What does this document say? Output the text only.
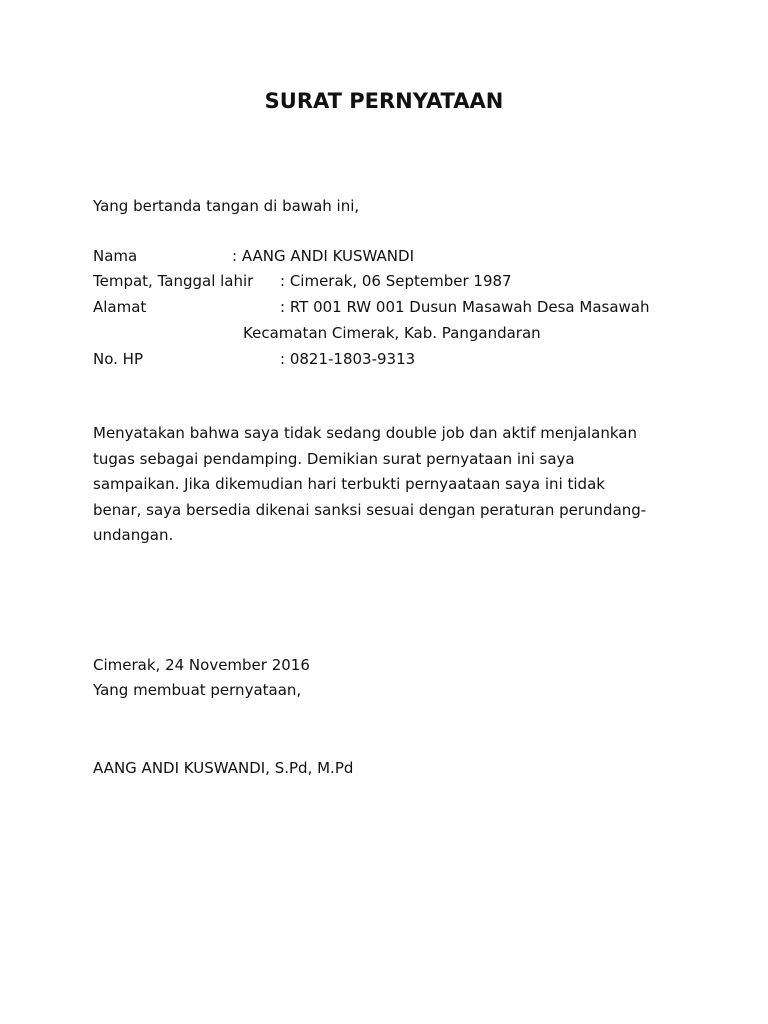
SURAT PERNYATAAN
Yang bertanda tangan di bawah ini,
Nama	: AANG ANDI KUSWANDI
Tempat, Tanggal lahir : Cimerak, 06 September 1987
Alamat	: RT 001 RW 001 Dusun Masawah Desa Masawah
Kecamatan Cimerak, Kab. Pangandaran
No. HP	: 0821-1803-9313
Menyatakan bahwa saya tidak sedang double job dan aktif menjalankan
tugas sebagai pendamping. Demikian surat pernyataan ini saya
sampaikan. Jika dikemudian hari terbukti pernyaataan saya ini tidak
benar, saya bersedia dikenai sanksi sesuai dengan peraturan perundang-
undangan.
Cimerak, 24 November 2016
Yang membuat pernyataan,
AANG ANDI KUSWANDI, S.Pd, M.Pd
